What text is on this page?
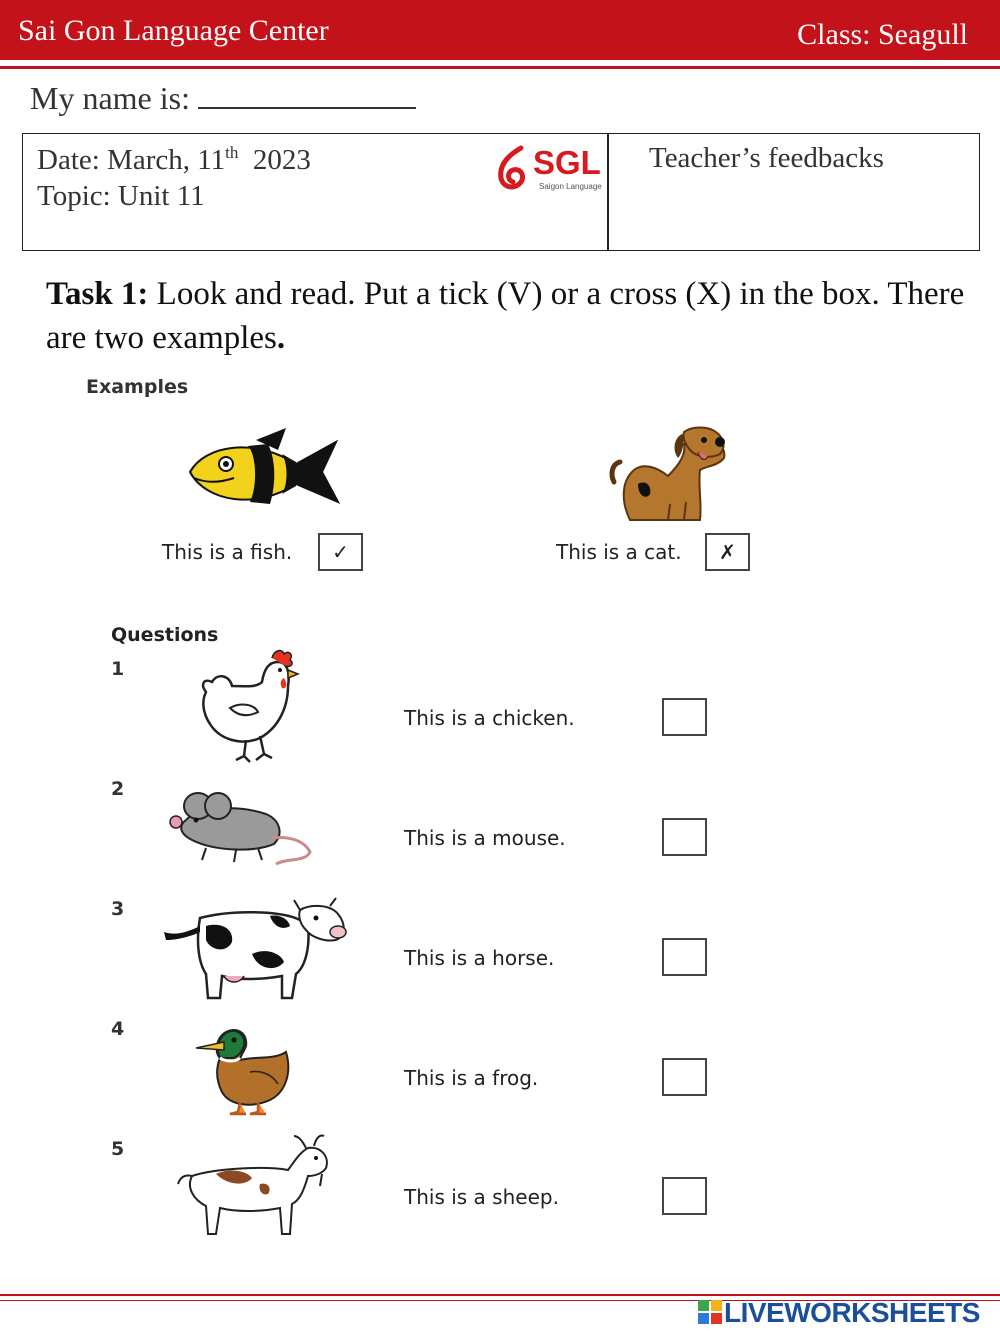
Sai Gon Language Center	Class: Seagull
My name is:
Date: March, 11th 2023
Topic: Unit 11
SGL
Saigon Language
Teacher’s feedbacks
Task 1: Look and read. Put a tick (V) or a cross (X) in the box. There are two examples.
Examples
This is a fish.	✓	This is a cat.	✗
Questions
1
This is a chicken.
2
This is a mouse.
3
This is a horse.
4
This is a frog.
5
This is a sheep.
LIVEWORKSHEETS
